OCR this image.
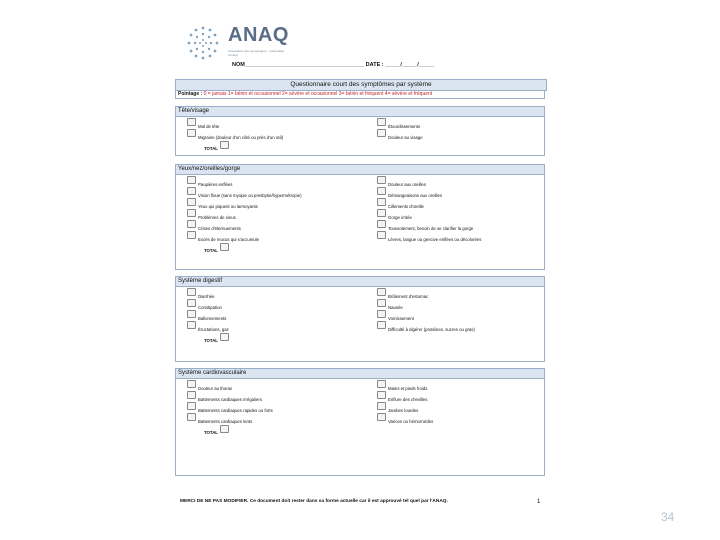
ANAQ
Association des neurologues... Associates Limited
NOM_______________________________________ DATE : _____/_____/_____
Questionnaire court des symptômes par système
Pointage : 0 = jamais 1= bénin et occasionnel 2= sévère et occasionnel 3= bénin et fréquent 4= sévère et fréquent
Tête/visage
Mal de tête
Migraine (douleur d'un côté ou près d'un œil)
Étourdissements
Douleur au visage
TOTAL
Yeux/nez/oreilles/gorge
Paupières enflées
Vision floue (sans myopie ou presbytie/hypermétropie)
Yeux qui piquent ou larmoyants
Problèmes de sinus
Crises d'éternuements
Excès de mucus qui s'accumule
Douleur aux oreilles
Démangeaisons aux oreilles
Cillements d'oreille
Gorge irritée
Toussotement, besoin de se clarifier la gorge
Lèvres, langue ou gencive enflées ou décolorées
TOTAL
Système digestif
Diarrhée
Constipation
Ballonnements
Éructations, gaz
Brûlement d'estomac
Nausée
Vomissement
Difficulté à digérer (protéines, sucres ou gras)
TOTAL
Système cardiovasculaire
Douleur au thorax
Battements cardiaques irréguliers
Battements cardiaques rapides ou forts
Battements cardiaques lents
Mains et pieds froids
Enflure des chevilles
Jambes lourdes
Varices ou hémorroïdes
TOTAL
MERCI DE NE PAS MODIFIER. Ce document doit rester dans sa forme actuelle car il est approuvé tel quel par l'ANAQ.	1
34
